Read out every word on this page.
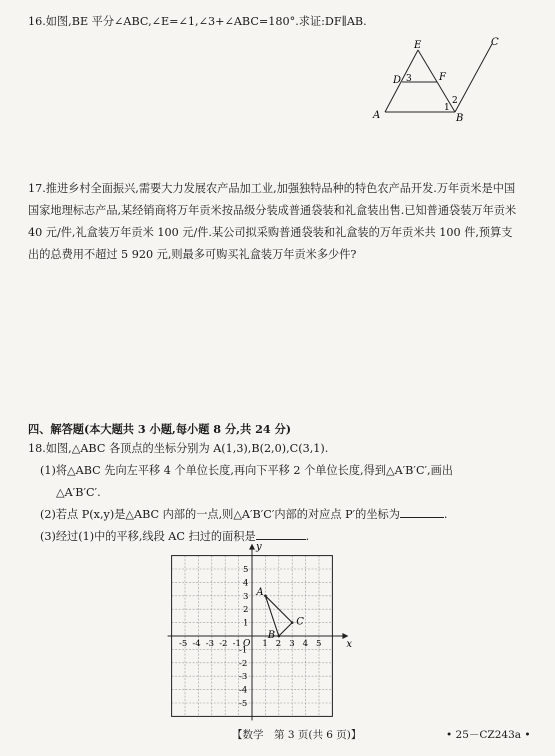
16.如图,BE 平分∠ABC,∠E=∠1,∠3+∠ABC=180°.求证:DF∥AB.
A	B
C
D
E
F
1
2
3
17.推进乡村全面振兴,需要大力发展农产品加工业,加强独特品种的特色农产品开发.万年贡米是中国国家地理标志产品,某经销商将万年贡米按品级分装成普通袋装和礼盒装出售.已知普通袋装万年贡米 40 元/件,礼盒装万年贡米 100 元/件.某公司拟采购普通袋装和礼盒装的万年贡米共 100 件,预算支出的总费用不超过 5 920 元,则最多可购买礼盒装万年贡米多少件?
四、解答题(本大题共 3 小题,每小题 8 分,共 24 分)
18.如图,△ABC 各顶点的坐标分别为 A(1,3),B(2,0),C(3,1).
(1)将△ABC 先向左平移 4 个单位长度,再向下平移 2 个单位长度,得到△A′B′C′,画出
△A′B′C′.
(2)若点 P(x,y)是△ABC 内部的一点,则△A′B′C′内部的对应点 P′的坐标为	.
(3)经过(1)中的平移,线段 AC 扫过的面积是	.
x
y
O
-5 -4 -3 -2 -1	1 2 3 4 5
5
4
3
2
1
-1
-2
-3
-4
-5
A
B
C
【数学　第 3 页(共 6 页)】	• 25－CZ243a •
